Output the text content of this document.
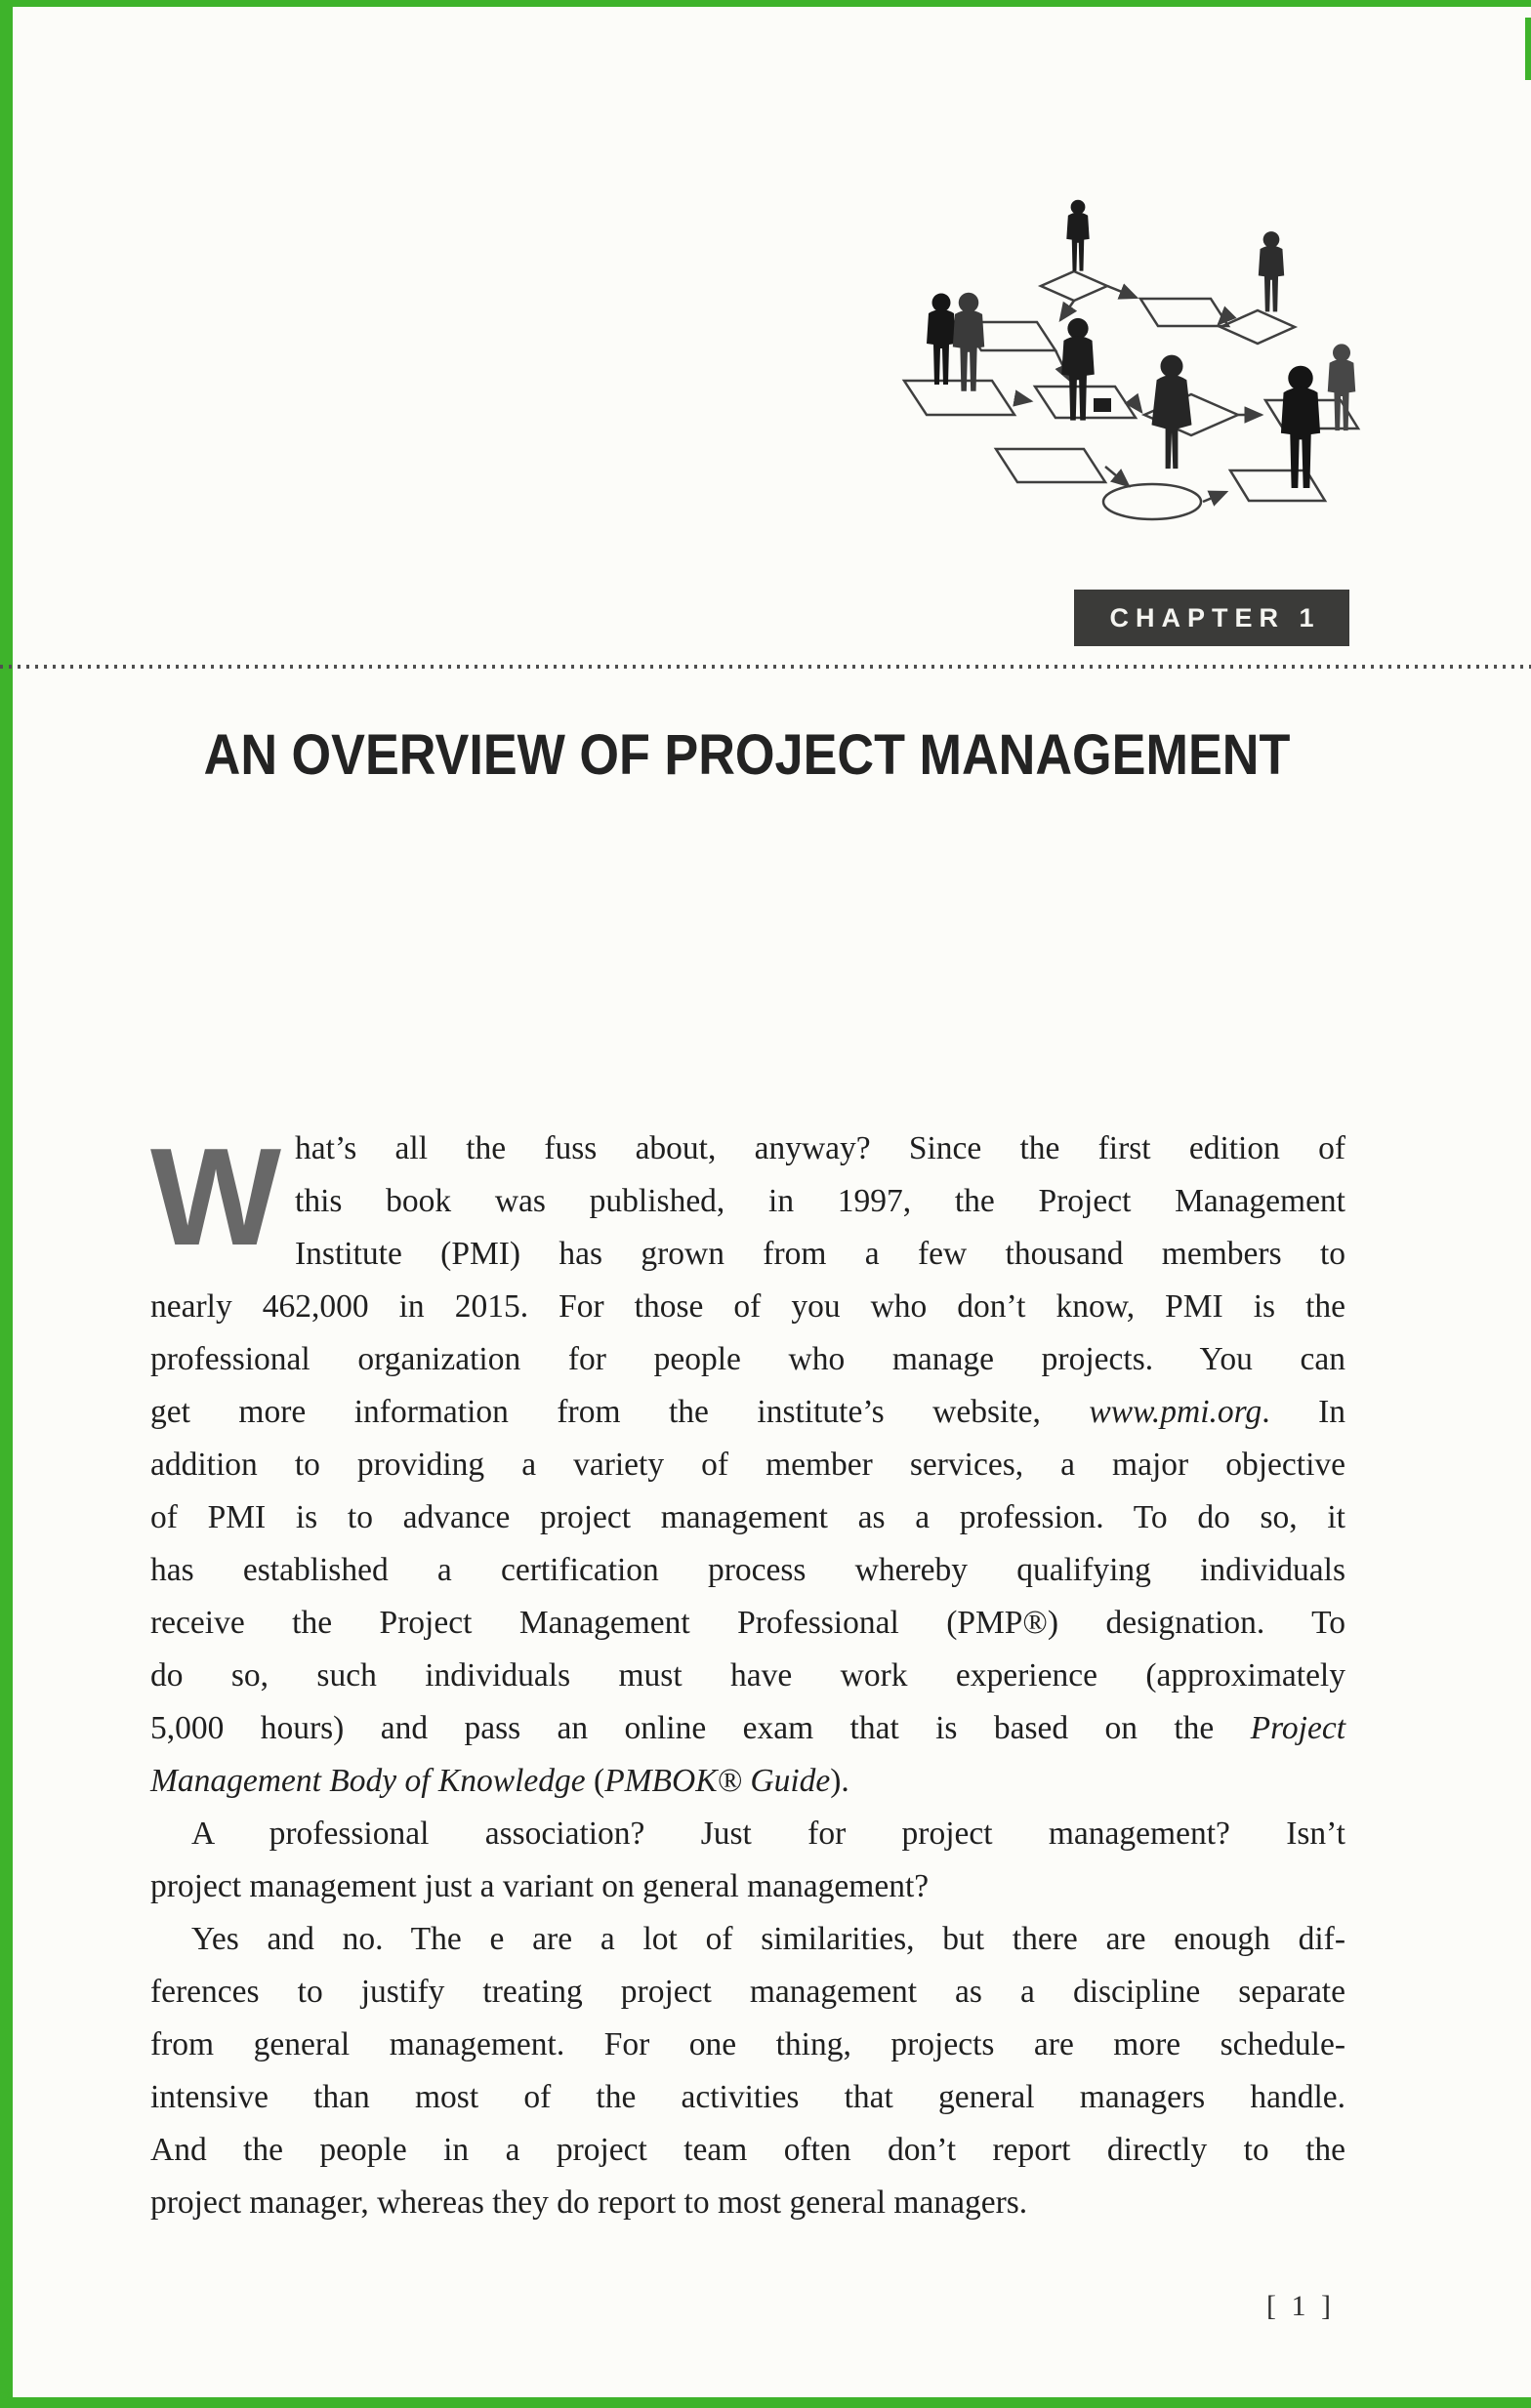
CHAPTER 1
AN OVERVIEW OF PROJECT MANAGEMENT
W hat’s all the fuss about, anyway? Since the first edition of
this book was published, in 1997, the Project Management
Institute (PMI) has grown from a few thousand members to
nearly 462,000 in 2015. For those of you who don’t know, PMI is the
professional organization for people who manage projects. You can
get more information from the institute’s website, www.pmi.org. In
addition to providing a variety of member services, a major objective
of PMI is to advance project management as a profession. To do so, it
has established a certification process whereby qualifying individuals
receive the Project Management Professional (PMP®) designation. To
do so, such individuals must have work experience (approximately
5,000 hours) and pass an online exam that is based on the Project
Management Body of Knowledge (PMBOK® Guide).
A professional association? Just for project management? Isn’t
project management just a variant on general management?
Yes and no. The e are a lot of similarities, but there are enough dif-
ferences to justify treating project management as a discipline separate
from general management. For one thing, projects are more schedule-
intensive than most of the activities that general managers handle.
And the people in a project team often don’t report directly to the
project manager, whereas they do report to most general managers.
[ 1 ]
